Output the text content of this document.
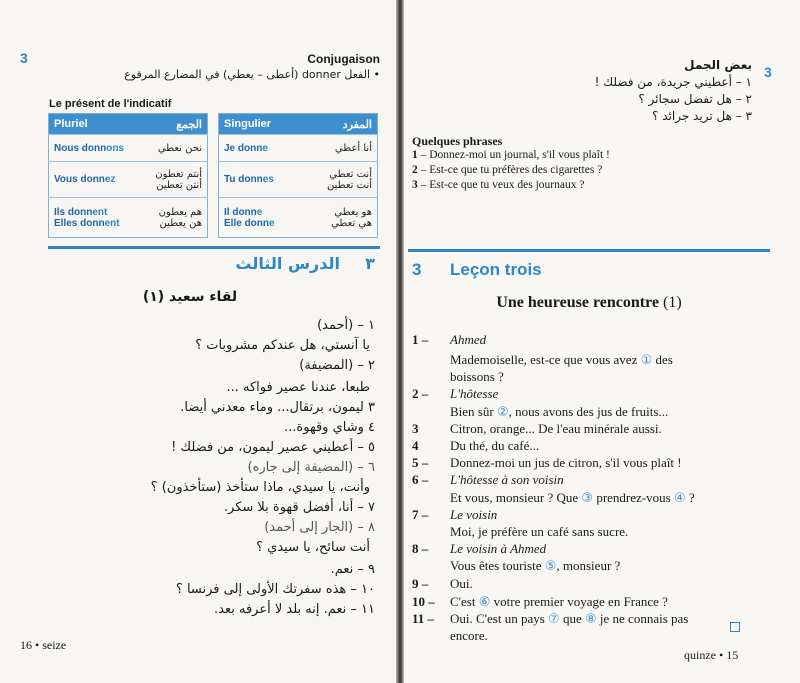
3	Conjugaison
• الفعل donner (أعطى – يعطي) في المضارع المرفوع
Le présent de l'indicatif
Pluriel	الجمع
Nous donnons	نحن نعطي
Vous donnez	أنتم تعطون
أنتن تعطين
Ils donnent
Elles donnent	هم يعطون
هن يعطين
Singulier	المفرد
Je donne	أنا أعطي
Tu donnes	أنت تعطي
أنت تعطين
Il donne
Elle donne	هو يعطي
هي تعطي
الدرس الثالث	٣
لقاء سعيد (١)
١ – (أحمد)
يا آنستي، هل عندكم مشروبات ؟
٢ – (المضيفة)
طبعا، عندنا عصير فواكه ...
٣ ليمون، برتقال... وماء معدني أيضا.
٤ وشاي وقهوة...
٥ – أعطيني عصير ليمون، من فضلك !
٦ – (المضيفة إلى جاره)
وأنت، يا سيدي، ماذا ستأخذ (ستأخذون) ؟
٧ – أنا، أفضل قهوة بلا سكر.
٨ – (الجار إلى أحمد)
أنت سائح، يا سيدي ؟
٩ – نعم.
١٠ – هذه سفرتك الأولى إلى فرنسا ؟
١١ – نعم. إنه بلد لا أعرفه بعد.
16 • seize
3
بعض الجمل
١ – أعطيني جريدة، من فضلك !
٢ – هل تفضل سجائر ؟
٣ – هل تريد جرائد ؟
Quelques phrases
1 – Donnez-moi un journal, s'il vous plaît !
2 – Est-ce que tu préfères des cigarettes ?
3 – Est-ce que tu veux des journaux ?
3 Leçon trois
Une heureuse rencontre (1)
1 – Ahmed
Mademoiselle, est-ce que vous avez ① des
boissons ?
2 – L'hôtesse
Bien sûr ②, nous avons des jus de fruits...
3 Citron, orange... De l'eau minérale aussi.
4 Du thé, du café...
5 – Donnez-moi un jus de citron, s'il vous plaît !
6 – L'hôtesse à son voisin
Et vous, monsieur ? Que ③ prendrez-vous ④ ?
7 – Le voisin
Moi, je préfère un café sans sucre.
8 – Le voisin à Ahmed
Vous êtes touriste ⑤, monsieur ?
9 – Oui.
10 – C'est ⑥ votre premier voyage en France ?
11 – Oui. C'est un pays ⑦ que ⑧ je ne connais pas
encore.
quinze • 15
